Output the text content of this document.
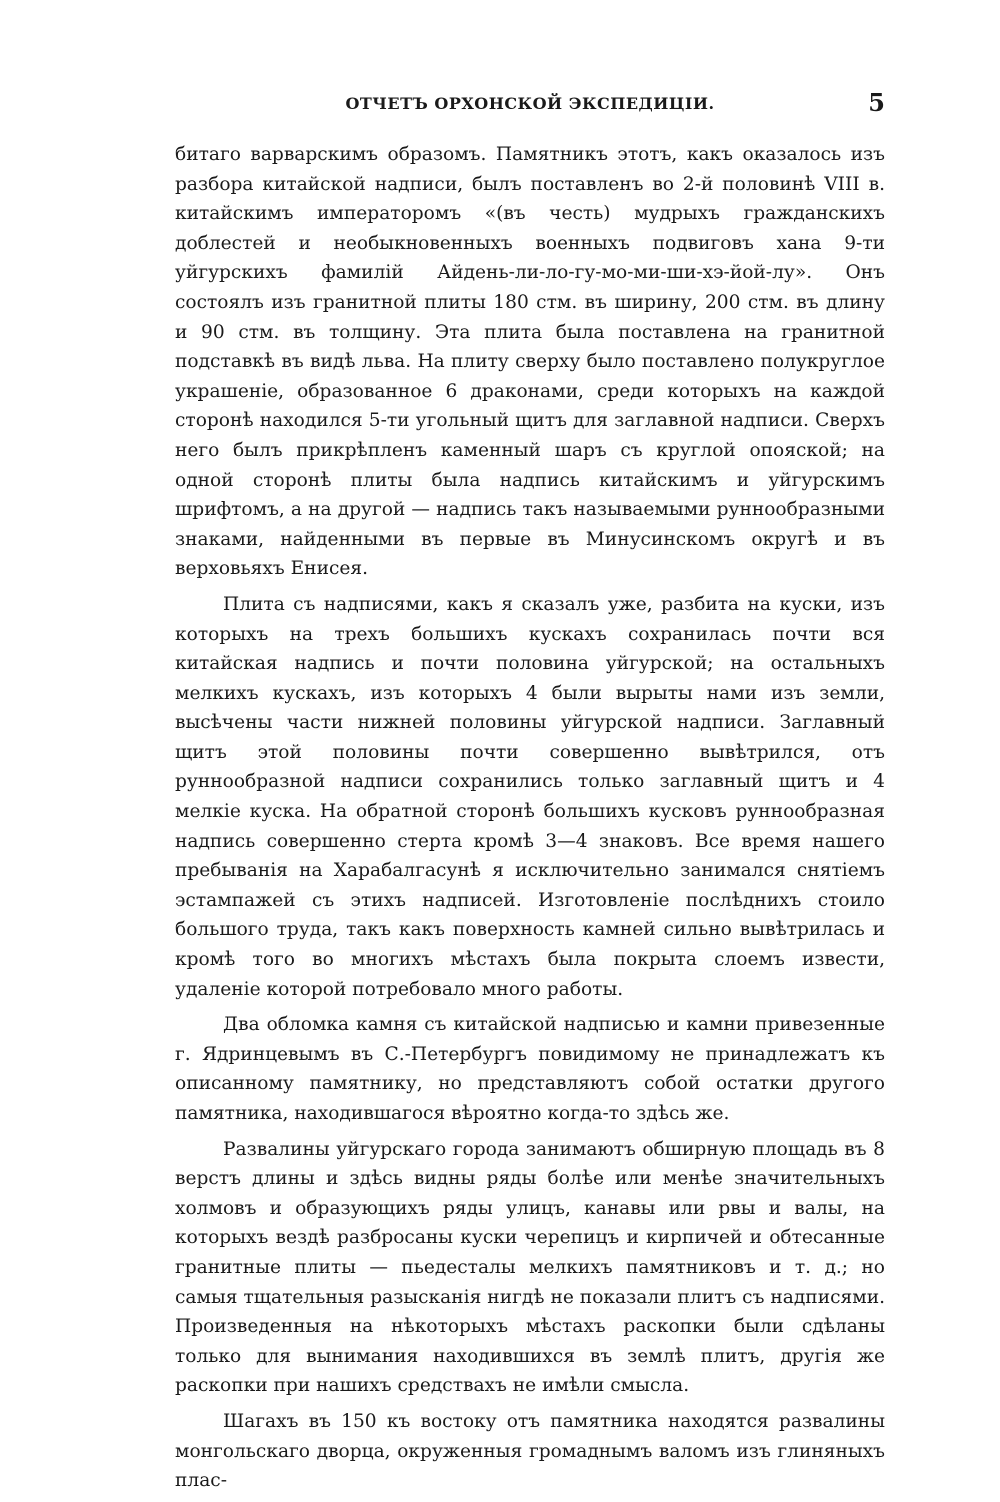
ОТЧЕТЪ ОРХОНСКОЙ ЭКСПЕДИЦІИ.	5

битаго варварскимъ образомъ. Памятникъ этотъ, какъ оказалось изъ разбора китайской надписи, былъ поставленъ во 2-й половинѣ VIII в. китайскимъ императоромъ «(въ честь) мудрыхъ гражданскихъ доблестей и необыкновенныхъ военныхъ подвиговъ хана 9-ти уйгурскихъ фамилій Айдень-ли-ло-гу-мо-ми-ши-хэ-йой-лу». Онъ состоялъ изъ гранитной плиты 180 стм. въ ширину, 200 стм. въ длину и 90 стм. въ толщину. Эта плита была поставлена на гранитной подставкѣ въ видѣ льва. На плиту сверху было поставлено полукруглое украшеніе, образованное 6 драконами, среди которыхъ на каждой сторонѣ находился 5-ти угольный щитъ для заглавной надписи. Сверхъ него былъ прикрѣпленъ каменный шаръ съ круглой опояской; на одной сторонѣ плиты была надпись китайскимъ и уйгурскимъ шрифтомъ, а на другой — надпись такъ называемыми руннообразными знаками, найденными въ первые въ Минусинскомъ округѣ и въ верховьяхъ Енисея.

Плита съ надписями, какъ я сказалъ уже, разбита на куски, изъ которыхъ на трехъ большихъ кускахъ сохранилась почти вся китайская надпись и почти половина уйгурской; на остальныхъ мелкихъ кускахъ, изъ которыхъ 4 были вырыты нами изъ земли, высѣчены части нижней половины уйгурской надписи. Заглавный щитъ этой половины почти совершенно вывѣтрился, отъ руннообразной надписи сохранились только заглавный щитъ и 4 мелкіе куска. На обратной сторонѣ большихъ кусковъ руннообразная надпись совершенно стерта кромѣ 3—4 знаковъ. Все время нашего пребыванія на Харабалгасунѣ я исключительно занимался снятіемъ эстампажей съ этихъ надписей. Изготовленіе послѣднихъ стоило большого труда, такъ какъ поверхность камней сильно вывѣтрилась и кромѣ того во многихъ мѣстахъ была покрыта слоемъ извести, удаленіе которой потребовало много работы.

Два обломка камня съ китайской надписью и камни привезенные г. Ядринцевымъ въ С.-Петербургъ повидимому не принадлежатъ къ описанному памятнику, но представляютъ собой остатки другого памятника, находившагося вѣроятно когда-то здѣсь же.

Развалины уйгурскаго города занимаютъ обширную площадь въ 8 верстъ длины и здѣсь видны ряды болѣе или менѣе значительныхъ холмовъ и образующихъ ряды улицъ, канавы или рвы и валы, на которыхъ вездѣ разбросаны куски черепицъ и кирпичей и обтесанные гранитные плиты — пьедесталы мелкихъ памятниковъ и т. д.; но самыя тщательныя разысканія нигдѣ не показали плитъ съ надписями. Произведенныя на нѣкоторыхъ мѣстахъ раскопки были сдѣланы только для вынимания находившихся въ землѣ плитъ, другія же раскопки при нашихъ средствахъ не имѣли смысла.

Шагахъ въ 150 къ востоку отъ памятника находятся развалины монгольскаго дворца, окруженныя громаднымъ валомъ изъ глиняныхъ плас-
